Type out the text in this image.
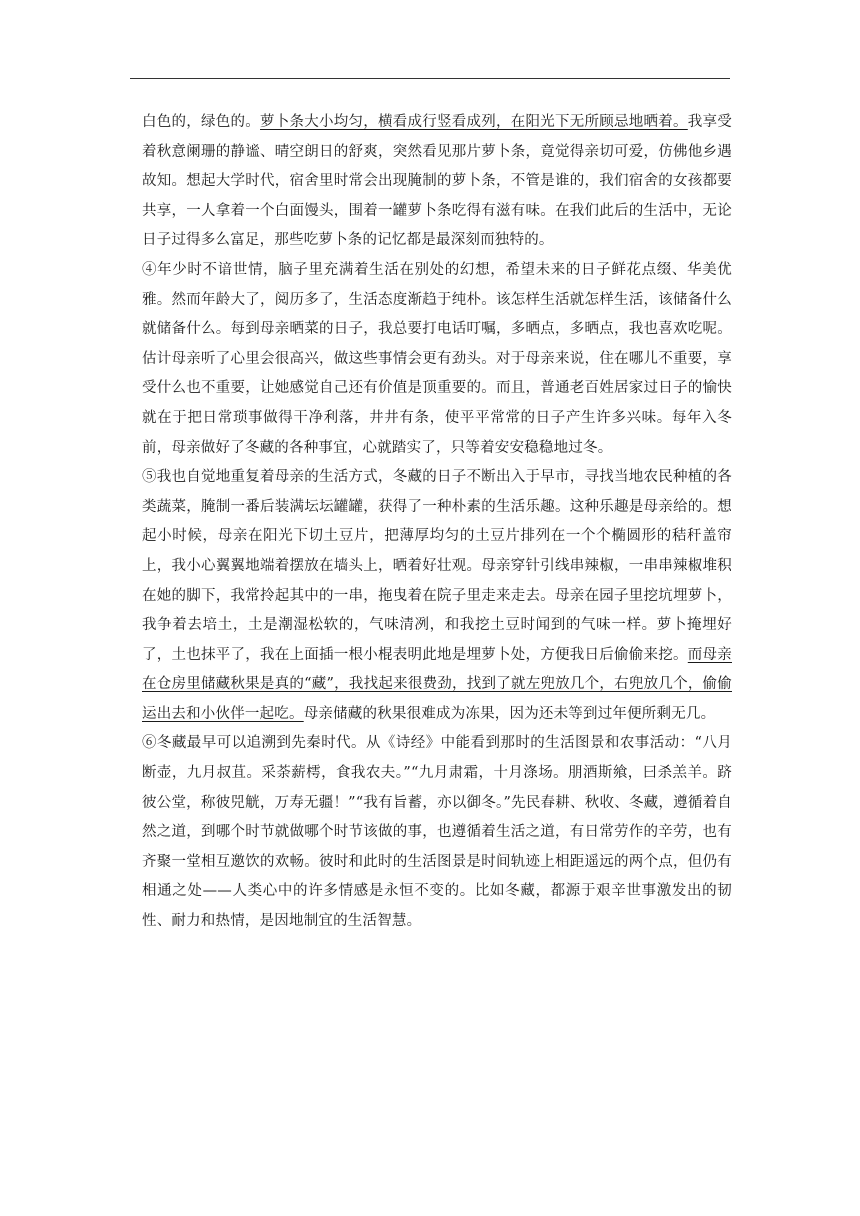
白色的，绿色的。萝卜条大小均匀，横看成行竖看成列，在阳光下无所顾忌地晒着。我享受着秋意阑珊的静谧、晴空朗日的舒爽，突然看见那片萝卜条，竟觉得亲切可爱，仿佛他乡遇故知。想起大学时代，宿舍里时常会出现腌制的萝卜条，不管是谁的，我们宿舍的女孩都要共享，一人拿着一个白面馒头，围着一罐萝卜条吃得有滋有味。在我们此后的生活中，无论日子过得多么富足，那些吃萝卜条的记忆都是最深刻而独特的。

④年少时不谙世情，脑子里充满着生活在别处的幻想，希望未来的日子鲜花点缀、华美优雅。然而年龄大了，阅历多了，生活态度渐趋于纯朴。该怎样生活就怎样生活，该储备什么就储备什么。每到母亲晒菜的日子，我总要打电话叮嘱，多晒点，多晒点，我也喜欢吃呢。估计母亲听了心里会很高兴，做这些事情会更有劲头。对于母亲来说，住在哪儿不重要，享受什么也不重要，让她感觉自己还有价值是顶重要的。而且，普通老百姓居家过日子的愉快就在于把日常琐事做得干净利落，井井有条，使平平常常的日子产生许多兴味。每年入冬前，母亲做好了冬藏的各种事宜，心就踏实了，只等着安安稳稳地过冬。

⑤我也自觉地重复着母亲的生活方式，冬藏的日子不断出入于早市，寻找当地农民种植的各类蔬菜，腌制一番后装满坛坛罐罐，获得了一种朴素的生活乐趣。这种乐趣是母亲给的。想起小时候，母亲在阳光下切土豆片，把薄厚均匀的土豆片排列在一个个椭圆形的秸秆盖帘上，我小心翼翼地端着摆放在墙头上，晒着好壮观。母亲穿针引线串辣椒，一串串辣椒堆积在她的脚下，我常拎起其中的一串，拖曳着在院子里走来走去。母亲在园子里挖坑埋萝卜，我争着去培土，土是潮湿松软的，气味清冽，和我挖土豆时闻到的气味一样。萝卜掩埋好了，土也抹平了，我在上面插一根小棍表明此地是埋萝卜处，方便我日后偷偷来挖。而母亲在仓房里储藏秋果是真的“藏”，我找起来很费劲，找到了就左兜放几个，右兜放几个，偷偷运出去和小伙伴一起吃。母亲储藏的秋果很难成为冻果，因为还未等到过年便所剩无几。

⑥冬藏最早可以追溯到先秦时代。从《诗经》中能看到那时的生活图景和农事活动：“八月断壶，九月叔苴。采荼薪樗，食我农夫。”“九月肃霜，十月涤场。朋酒斯飨，曰杀羔羊。跻彼公堂，称彼兕觥，万寿无疆！”“我有旨蓄，亦以御冬。”先民春耕、秋收、冬藏，遵循着自然之道，到哪个时节就做哪个时节该做的事，也遵循着生活之道，有日常劳作的辛劳，也有齐聚一堂相互邀饮的欢畅。彼时和此时的生活图景是时间轨迹上相距遥远的两个点，但仍有相通之处——人类心中的许多情感是永恒不变的。比如冬藏，都源于艰辛世事激发出的韧性、耐力和热情，是因地制宜的生活智慧。
